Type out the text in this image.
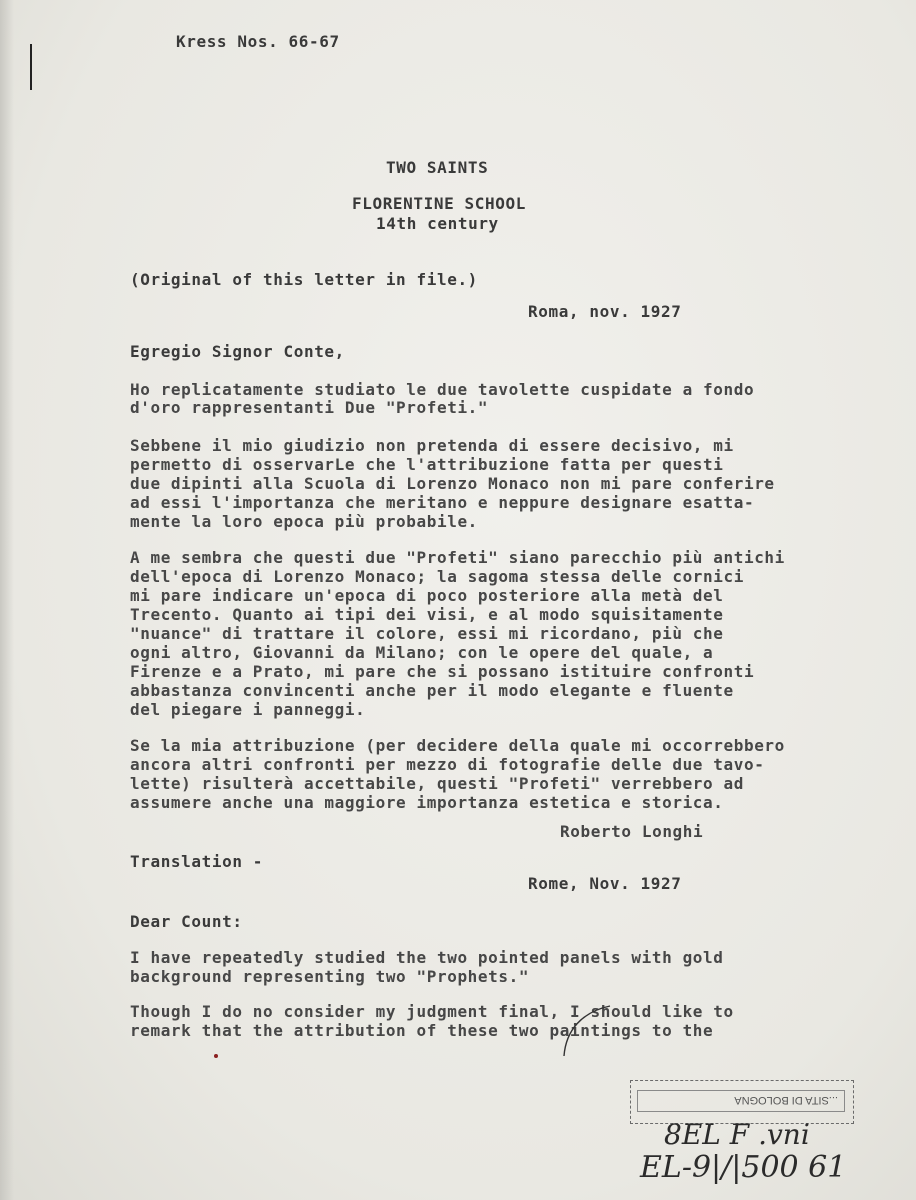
Kress Nos. 66-67
TWO SAINTS
FLORENTINE SCHOOL
14th century
(Original of this letter in file.)
Roma, nov. 1927
Egregio Signor Conte,
Ho replicatamente studiato le due tavolette cuspidate a fondo
d'oro rappresentanti Due "Profeti."
Sebbene il mio giudizio non pretenda di essere decisivo, mi
permetto di osservarLe che l'attribuzione fatta per questi
due dipinti alla Scuola di Lorenzo Monaco non mi pare conferire
ad essi l'importanza che meritano e neppure designare esatta-
mente la loro epoca più probabile.
A me sembra che questi due "Profeti" siano parecchio più antichi
dell'epoca di Lorenzo Monaco; la sagoma stessa delle cornici
mi pare indicare un'epoca di poco posteriore alla metà del
Trecento. Quanto ai tipi dei visi, e al modo squisitamente
"nuance" di trattare il colore, essi mi ricordano, più che
ogni altro, Giovanni da Milano; con le opere del quale, a
Firenze e a Prato, mi pare che si possano istituire confronti
abbastanza convincenti anche per il modo elegante e fluente
del piegare i panneggi.
Se la mia attribuzione (per decidere della quale mi occorrebbero
ancora altri confronti per mezzo di fotografie delle due tavo-
lette) risulterà accettabile, questi "Profeti" verrebbero ad
assumere anche una maggiore importanza estetica e storica.
Roberto Longhi
Translation -
Rome, Nov. 1927
Dear Count:
I have repeatedly studied the two pointed panels with gold
background representing two "Prophets."
Though I do no consider my judgment final, I should like to
remark that the attribution of these two paintings to the
...SITA DI BOLOGNA
8EL F .vni
EL-9|/|500 61
